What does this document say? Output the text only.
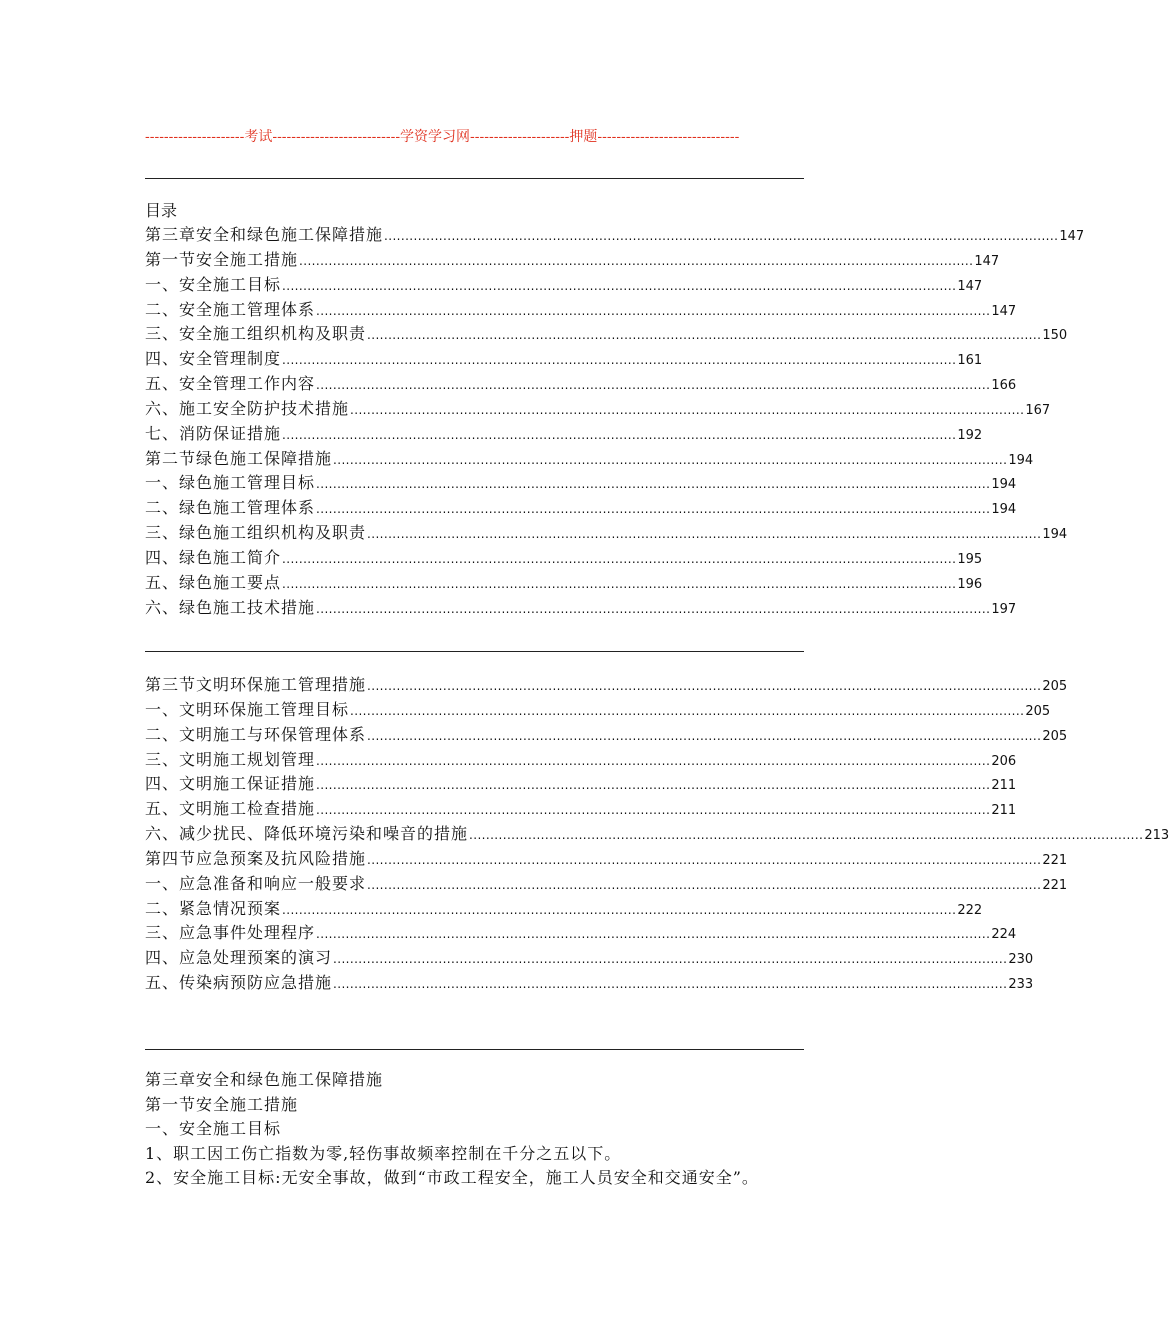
---------------------考试---------------------------学资学习网---------------------押题------------------------------
目录
第三章安全和绿色施工保障措施 ................................................................................................................................................................ 147
第一节安全施工措施 ................................................................................................................................................................ 147
一、安全施工目标 ................................................................................................................................................................ 147
二、安全施工管理体系 ................................................................................................................................................................ 147
三、安全施工组织机构及职责 ................................................................................................................................................................ 150
四、安全管理制度 ................................................................................................................................................................ 161
五、安全管理工作内容 ................................................................................................................................................................ 166
六、施工安全防护技术措施 ................................................................................................................................................................ 167
七、消防保证措施 ................................................................................................................................................................ 192
第二节绿色施工保障措施 ................................................................................................................................................................ 194
一、绿色施工管理目标 ................................................................................................................................................................ 194
二、绿色施工管理体系 ................................................................................................................................................................ 194
三、绿色施工组织机构及职责 ................................................................................................................................................................ 194
四、绿色施工简介 ................................................................................................................................................................ 195
五、绿色施工要点 ................................................................................................................................................................ 196
六、绿色施工技术措施 ................................................................................................................................................................ 197
第三节文明环保施工管理措施 ................................................................................................................................................................ 205
一、文明环保施工管理目标 ................................................................................................................................................................ 205
二、文明施工与环保管理体系 ................................................................................................................................................................ 205
三、文明施工规划管理 ................................................................................................................................................................ 206
四、文明施工保证措施 ................................................................................................................................................................ 211
五、文明施工检查措施 ................................................................................................................................................................ 211
六、减少扰民、降低环境污染和噪音的措施 ................................................................................................................................................................ 213
第四节应急预案及抗风险措施 ................................................................................................................................................................ 221
一、应急准备和响应一般要求 ................................................................................................................................................................ 221
二、紧急情况预案 ................................................................................................................................................................ 222
三、应急事件处理程序 ................................................................................................................................................................ 224
四、应急处理预案的演习 ................................................................................................................................................................ 230
五、传染病预防应急措施 ................................................................................................................................................................ 233
第三章安全和绿色施工保障措施
第一节安全施工措施
一、安全施工目标
1、职工因工伤亡指数为零,轻伤事故频率控制在千分之五以下。
2、安全施工目标:无安全事故，做到“市政工程安全，施工人员安全和交通安全”。
